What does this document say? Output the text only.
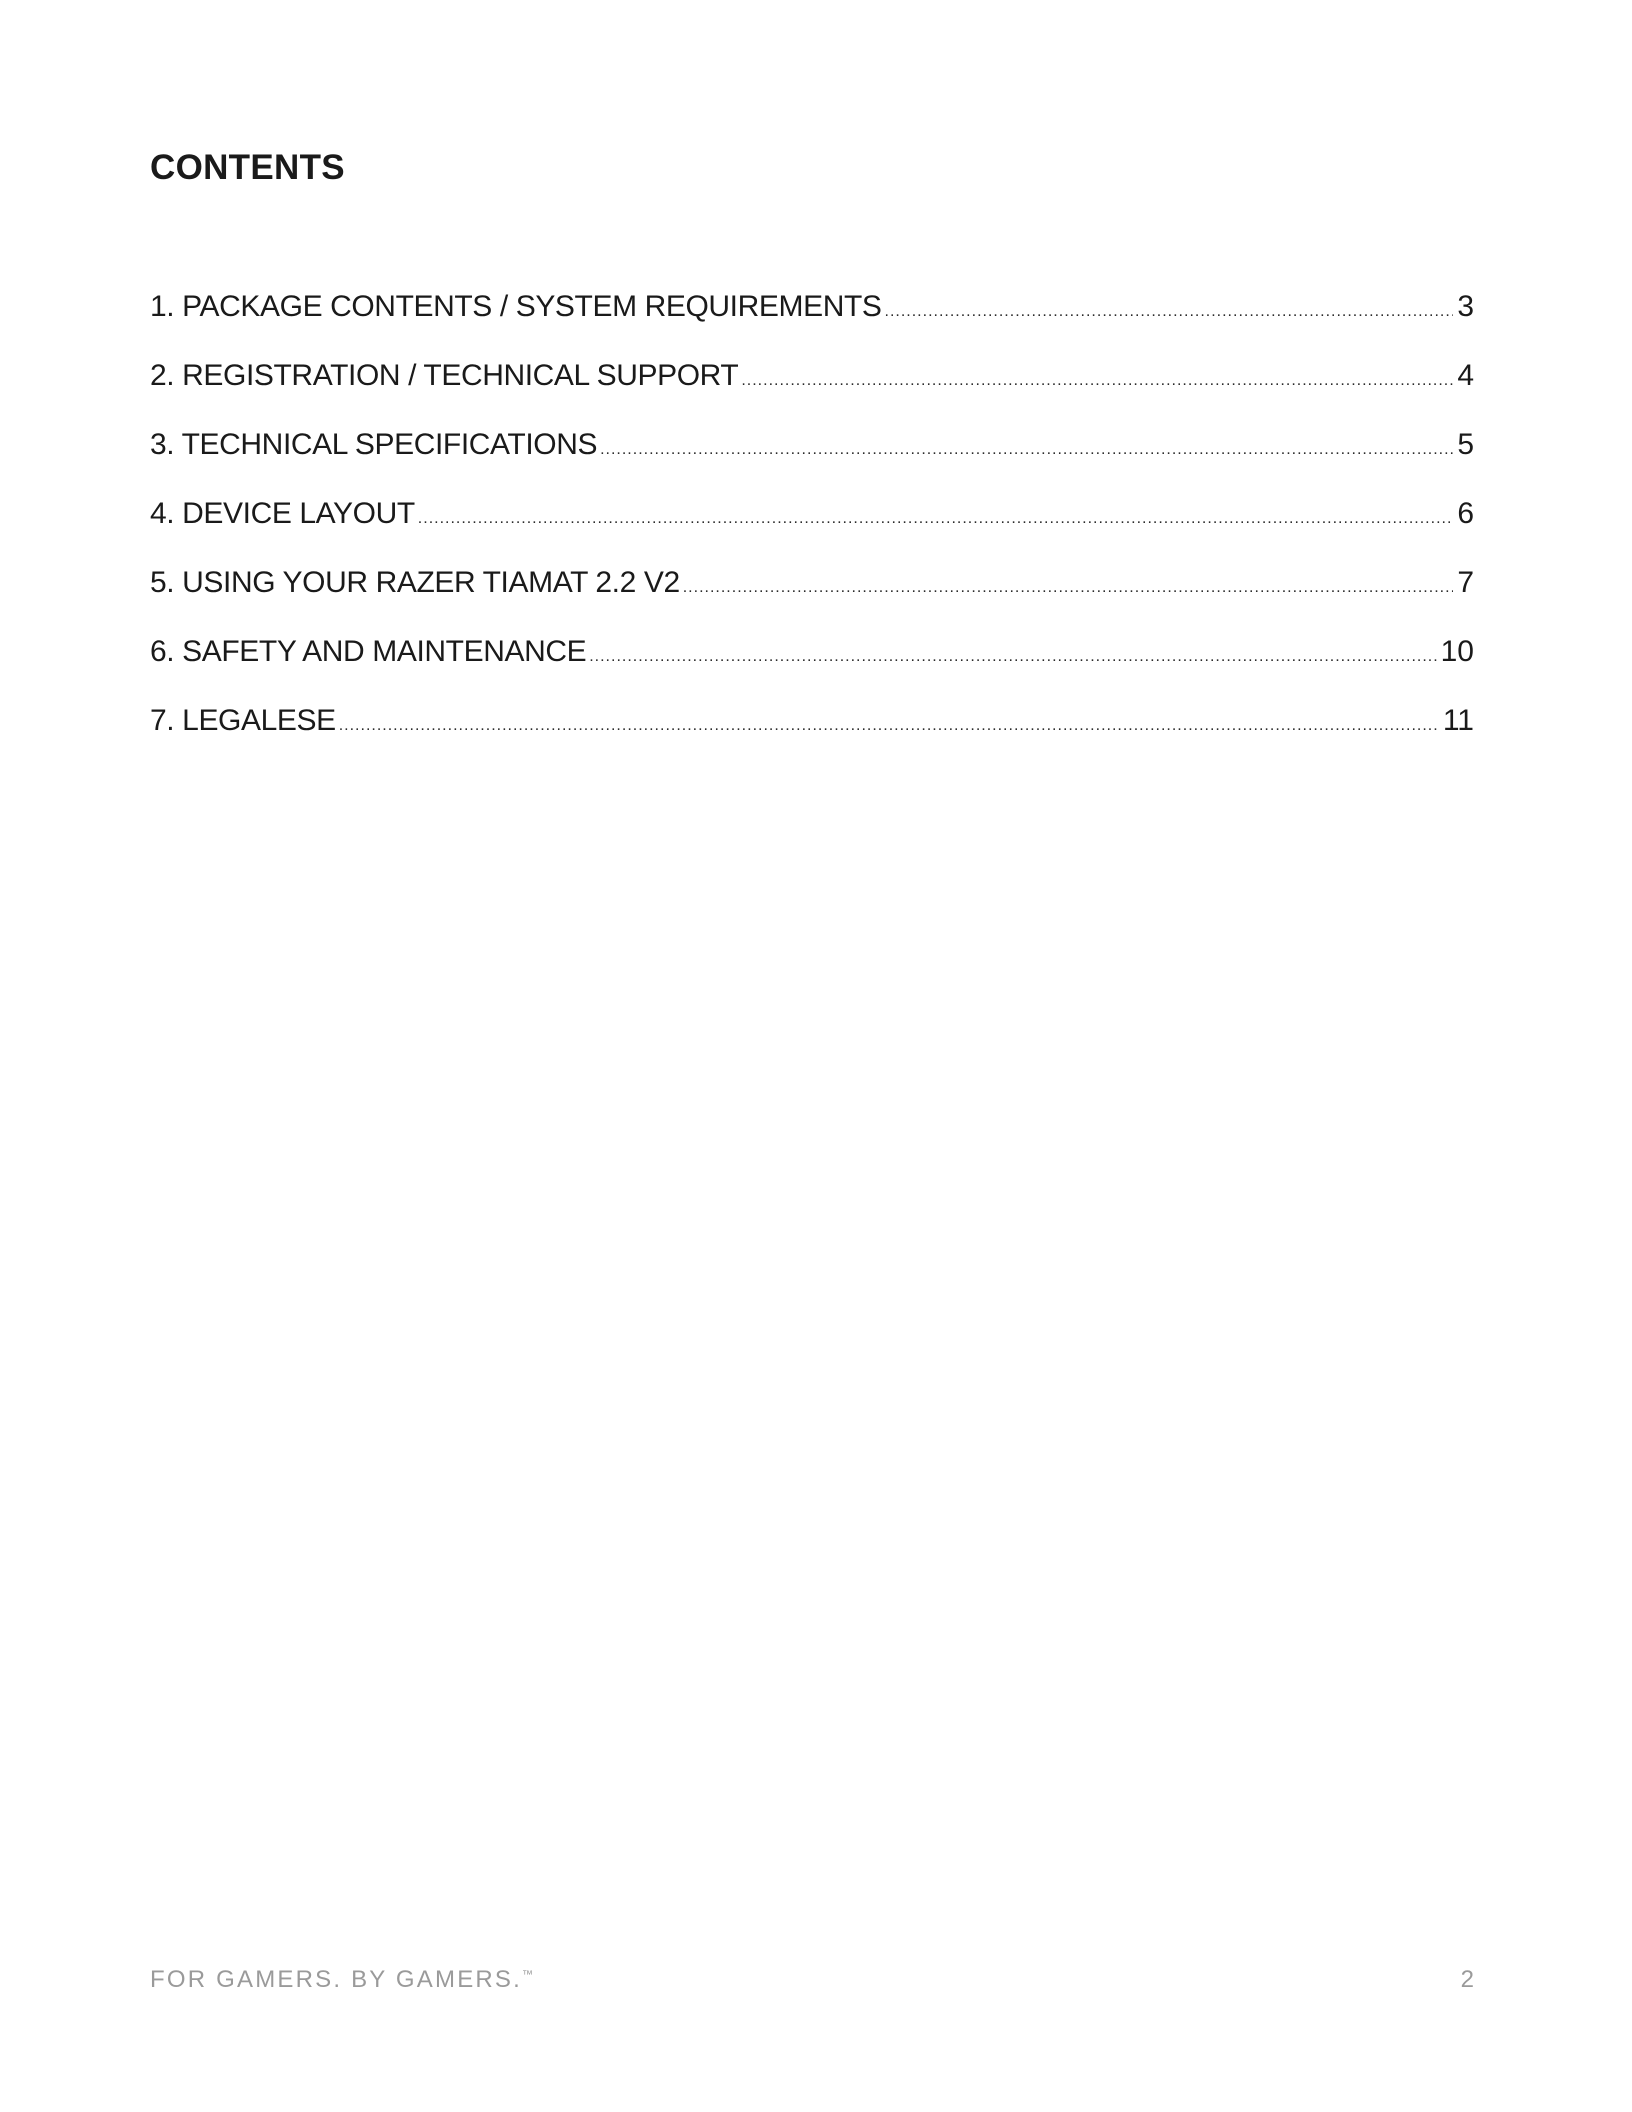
CONTENTS
1. PACKAGE CONTENTS / SYSTEM REQUIREMENTS .....	3
2. REGISTRATION / TECHNICAL SUPPORT .....	4
3. TECHNICAL SPECIFICATIONS .....	5
4. DEVICE LAYOUT .....	6
5. USING YOUR RAZER TIAMAT 2.2 V2 .....	7
6. SAFETY AND MAINTENANCE .....	10
7. LEGALESE .....	11
FOR GAMERS. BY GAMERS.™	2
